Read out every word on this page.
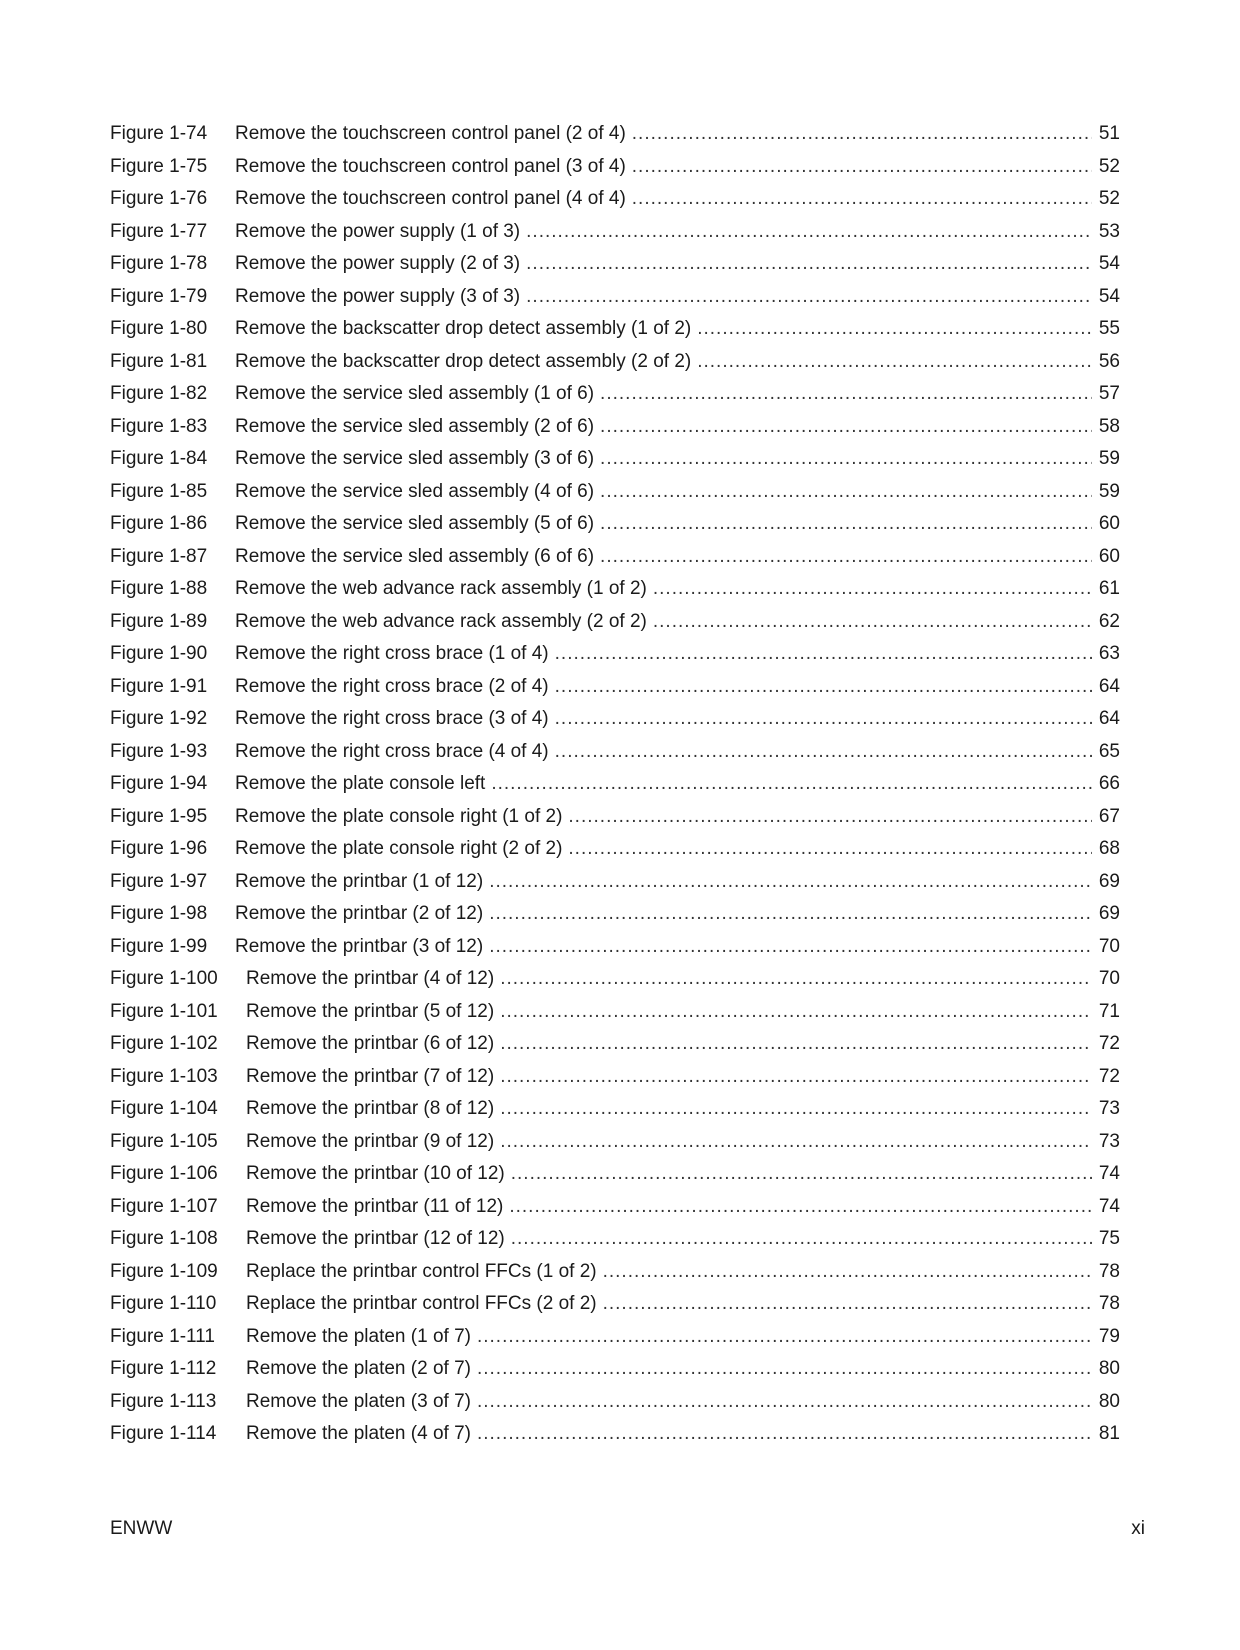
Figure 1-74	Remove the touchscreen control panel (2 of 4) .....	51
Figure 1-75	Remove the touchscreen control panel (3 of 4) .....	52
Figure 1-76	Remove the touchscreen control panel (4 of 4) .....	52
Figure 1-77	Remove the power supply (1 of 3) .....	53
Figure 1-78	Remove the power supply (2 of 3) .....	54
Figure 1-79	Remove the power supply (3 of 3) .....	54
Figure 1-80	Remove the backscatter drop detect assembly (1 of 2) .....	55
Figure 1-81	Remove the backscatter drop detect assembly (2 of 2) .....	56
Figure 1-82	Remove the service sled assembly (1 of 6) .....	57
Figure 1-83	Remove the service sled assembly (2 of 6) .....	58
Figure 1-84	Remove the service sled assembly (3 of 6) .....	59
Figure 1-85	Remove the service sled assembly (4 of 6) .....	59
Figure 1-86	Remove the service sled assembly (5 of 6) .....	60
Figure 1-87	Remove the service sled assembly (6 of 6) .....	60
Figure 1-88	Remove the web advance rack assembly (1 of 2) .....	61
Figure 1-89	Remove the web advance rack assembly (2 of 2) .....	62
Figure 1-90	Remove the right cross brace (1 of 4) .....	63
Figure 1-91	Remove the right cross brace (2 of 4) .....	64
Figure 1-92	Remove the right cross brace (3 of 4) .....	64
Figure 1-93	Remove the right cross brace (4 of 4) .....	65
Figure 1-94	Remove the plate console left .....	66
Figure 1-95	Remove the plate console right (1 of 2) .....	67
Figure 1-96	Remove the plate console right (2 of 2) .....	68
Figure 1-97	Remove the printbar (1 of 12) .....	69
Figure 1-98	Remove the printbar (2 of 12) .....	69
Figure 1-99	Remove the printbar (3 of 12) .....	70
Figure 1-100	Remove the printbar (4 of 12) .....	70
Figure 1-101	Remove the printbar (5 of 12) .....	71
Figure 1-102	Remove the printbar (6 of 12) .....	72
Figure 1-103	Remove the printbar (7 of 12) .....	72
Figure 1-104	Remove the printbar (8 of 12) .....	73
Figure 1-105	Remove the printbar (9 of 12) .....	73
Figure 1-106	Remove the printbar (10 of 12) .....	74
Figure 1-107	Remove the printbar (11 of 12) .....	74
Figure 1-108	Remove the printbar (12 of 12) .....	75
Figure 1-109	Replace the printbar control FFCs (1 of 2) .....	78
Figure 1-110	Replace the printbar control FFCs (2 of 2) .....	78
Figure 1-111	Remove the platen (1 of 7) .....	79
Figure 1-112	Remove the platen (2 of 7) .....	80
Figure 1-113	Remove the platen (3 of 7) .....	80
Figure 1-114	Remove the platen (4 of 7) .....	81
ENWW	xi
